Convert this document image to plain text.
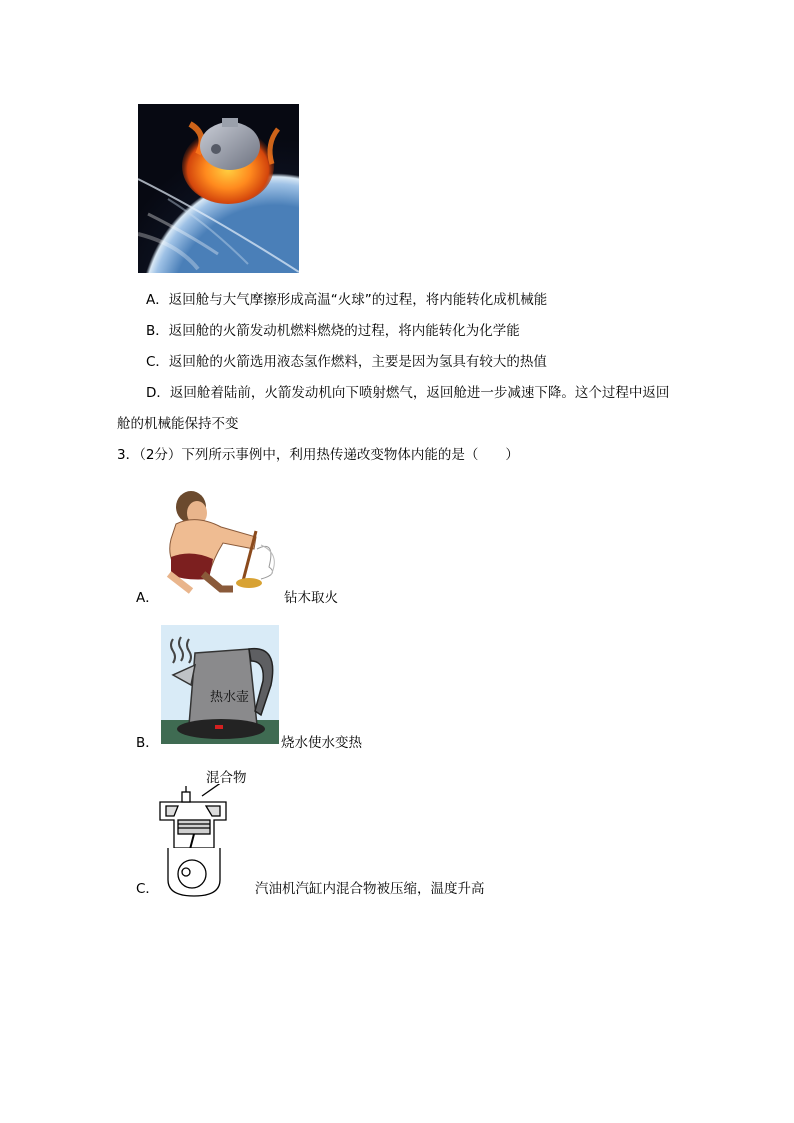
A．返回舱与大气摩擦形成高温“火球”的过程，将内能转化成机械能
B．返回舱的火箭发动机燃料燃烧的过程，将内能转化为化学能
C．返回舱的火箭选用液态氢作燃料，主要是因为氢具有较大的热值
D．返回舱着陆前，火箭发动机向下喷射燃气，返回舱进一步减速下降。这个过程中返回
舱的机械能保持不变
3．（2分）下列所示事例中，利用热传递改变物体内能的是（　　）
A．	钻木取火
热水壶
B．	烧水使水变热
混合物
C．	汽油机汽缸内混合物被压缩，温度升高
